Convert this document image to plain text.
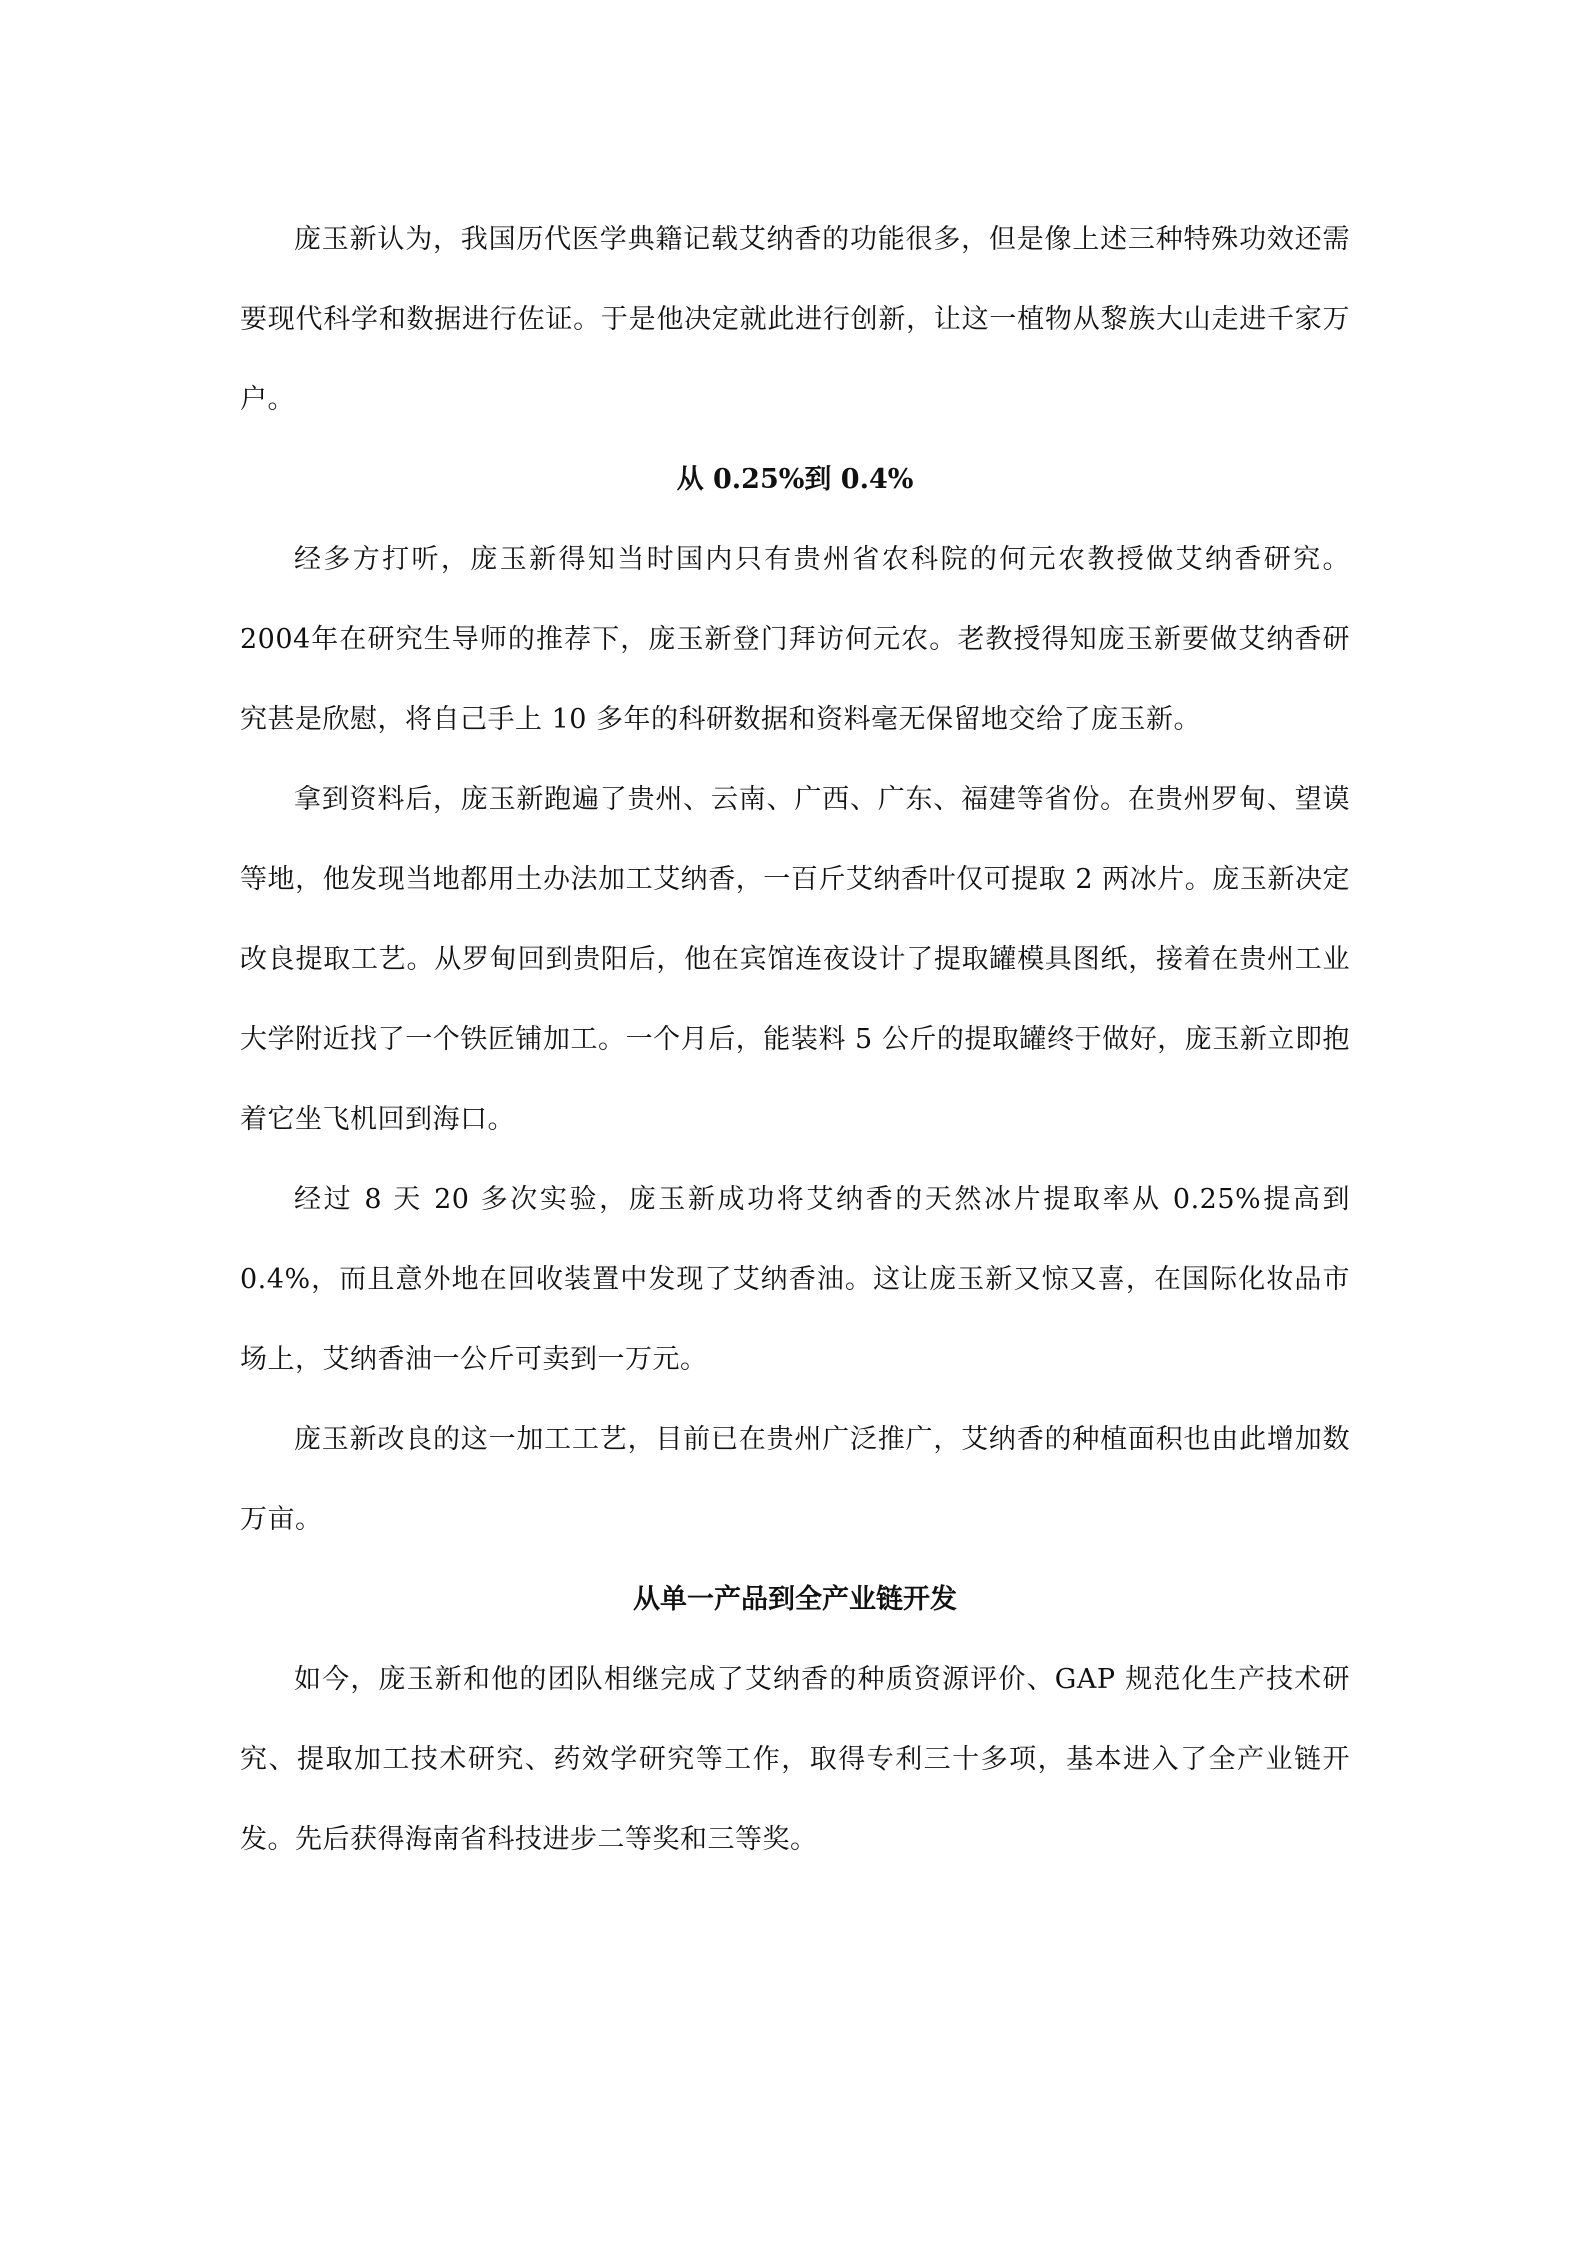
庞玉新认为，我国历代医学典籍记载艾纳香的功能很多，但是像上述三种特殊功效还需要现代科学和数据进行佐证。于是他决定就此进行创新，让这一植物从黎族大山走进千家万户。

从 0.25%到 0.4%

经多方打听，庞玉新得知当时国内只有贵州省农科院的何元农教授做艾纳香研究。2004年在研究生导师的推荐下，庞玉新登门拜访何元农。老教授得知庞玉新要做艾纳香研究甚是欣慰，将自己手上 10 多年的科研数据和资料毫无保留地交给了庞玉新。

拿到资料后，庞玉新跑遍了贵州、云南、广西、广东、福建等省份。在贵州罗甸、望谟等地，他发现当地都用土办法加工艾纳香，一百斤艾纳香叶仅可提取 2 两冰片。庞玉新决定改良提取工艺。从罗甸回到贵阳后，他在宾馆连夜设计了提取罐模具图纸，接着在贵州工业大学附近找了一个铁匠铺加工。一个月后，能装料 5 公斤的提取罐终于做好，庞玉新立即抱着它坐飞机回到海口。

经过 8 天 20 多次实验，庞玉新成功将艾纳香的天然冰片提取率从 0.25%提高到 0.4%，而且意外地在回收装置中发现了艾纳香油。这让庞玉新又惊又喜，在国际化妆品市场上，艾纳香油一公斤可卖到一万元。

庞玉新改良的这一加工工艺，目前已在贵州广泛推广，艾纳香的种植面积也由此增加数万亩。

从单一产品到全产业链开发

如今，庞玉新和他的团队相继完成了艾纳香的种质资源评价、GAP 规范化生产技术研究、提取加工技术研究、药效学研究等工作，取得专利三十多项，基本进入了全产业链开发。先后获得海南省科技进步二等奖和三等奖。
